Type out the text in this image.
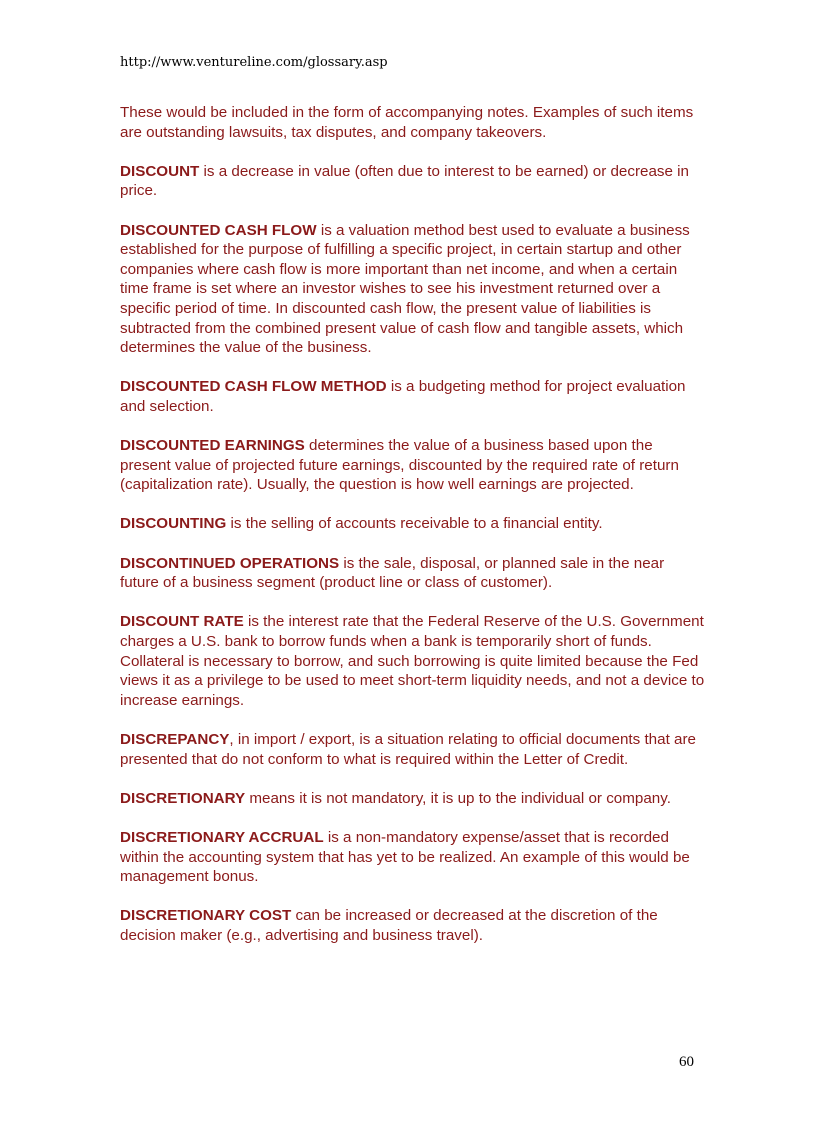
http://www.ventureline.com/glossary.asp

These would be included in the form of accompanying notes. Examples of such items are outstanding lawsuits, tax disputes, and company takeovers.

DISCOUNT is a decrease in value (often due to interest to be earned) or decrease in price.

DISCOUNTED CASH FLOW is a valuation method best used to evaluate a business established for the purpose of fulfilling a specific project, in certain startup and other companies where cash flow is more important than net income, and when a certain time frame is set where an investor wishes to see his investment returned over a specific period of time. In discounted cash flow, the present value of liabilities is subtracted from the combined present value of cash flow and tangible assets, which determines the value of the business.

DISCOUNTED CASH FLOW METHOD is a budgeting method for project evaluation and selection.

DISCOUNTED EARNINGS determines the value of a business based upon the present value of projected future earnings, discounted by the required rate of return (capitalization rate). Usually, the question is how well earnings are projected.

DISCOUNTING is the selling of accounts receivable to a financial entity.

DISCONTINUED OPERATIONS is the sale, disposal, or planned sale in the near future of a business segment (product line or class of customer).

DISCOUNT RATE is the interest rate that the Federal Reserve of the U.S. Government charges a U.S. bank to borrow funds when a bank is temporarily short of funds. Collateral is necessary to borrow, and such borrowing is quite limited because the Fed views it as a privilege to be used to meet short-term liquidity needs, and not a device to increase earnings.

DISCREPANCY, in import / export, is a situation relating to official documents that are presented that do not conform to what is required within the Letter of Credit.

DISCRETIONARY means it is not mandatory, it is up to the individual or company.

DISCRETIONARY ACCRUAL is a non-mandatory expense/asset that is recorded within the accounting system that has yet to be realized. An example of this would be management bonus.

DISCRETIONARY COST can be increased or decreased at the discretion of the decision maker (e.g., advertising and business travel).

60
